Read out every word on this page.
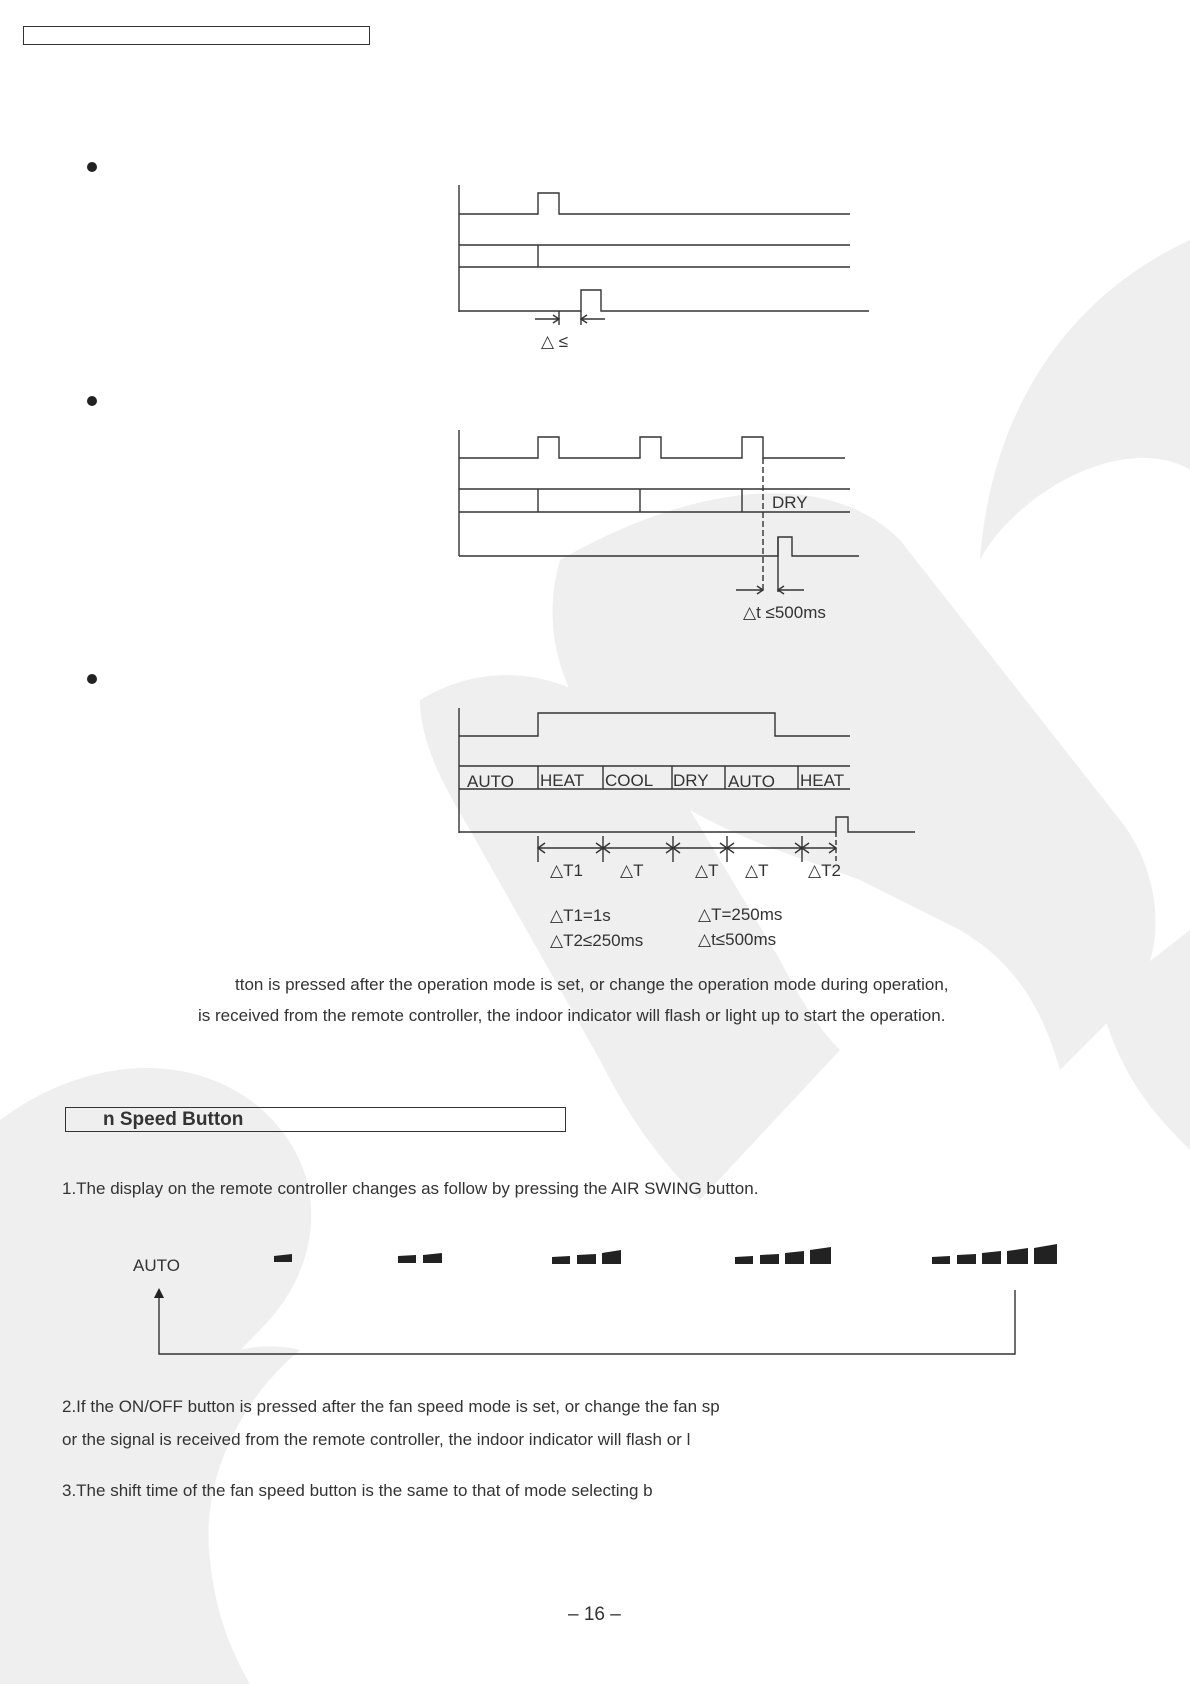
△ ≤
DRY
△t ≤500ms
AUTO HEAT COOL DRY AUTO HEAT
△T1 △T	△T △T △T2
△T1=1s
△T2≤250ms
△T=250ms
△t≤500ms
tton is pressed after the operation mode is set, or change the operation mode during operation,
is received from the remote controller, the indoor indicator will flash or light up to start the operation.
n Speed Button
1.The display on the remote controller changes as follow by pressing the AIR SWING button.
AUTO
2.If the ON/OFF button is pressed after the fan speed mode is set, or change the fan sp
or the signal is received from the remote controller, the indoor indicator will flash or l
3.The shift time of the fan speed button is the same to that of mode selecting b
– 16 –
